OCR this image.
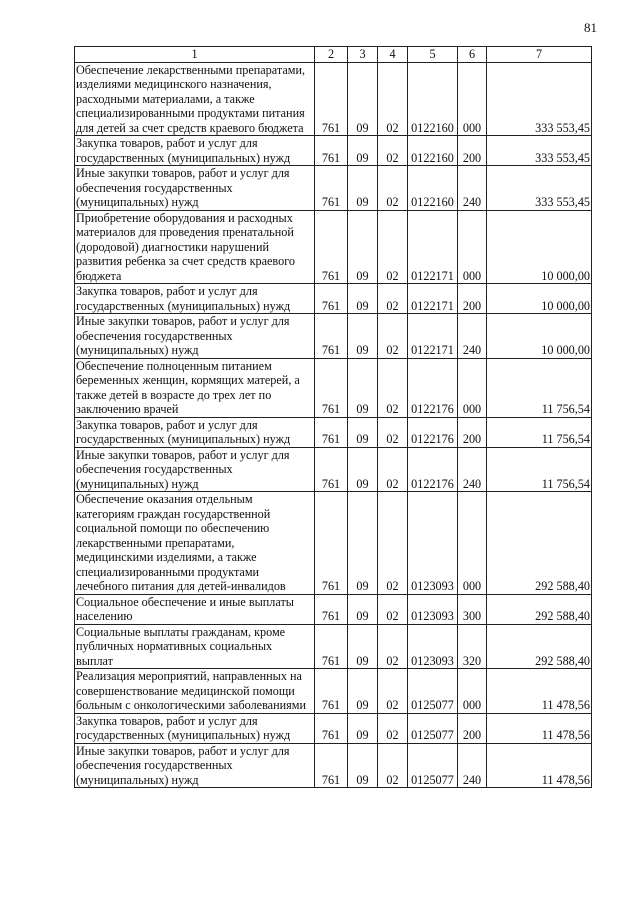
81
1	2	3	4	5	6	7
Обеспечение лекарственными препаратами, изделиями медицинского назначения, расходными материалами, а также специализированными продуктами питания для детей за счет средств краевого бюджета	761	09	02	0122160	000	333 553,45
Закупка товаров, работ и услуг для государственных (муниципальных) нужд	761	09	02	0122160	200	333 553,45
Иные закупки товаров, работ и услуг для обеспечения государственных (муниципальных) нужд	761	09	02	0122160	240	333 553,45
Приобретение оборудования и расходных материалов для проведения пренатальной (дородовой) диагностики нарушений развития ребенка за счет средств краевого бюджета	761	09	02	0122171	000	10 000,00
Закупка товаров, работ и услуг для государственных (муниципальных) нужд	761	09	02	0122171	200	10 000,00
Иные закупки товаров, работ и услуг для обеспечения государственных (муниципальных) нужд	761	09	02	0122171	240	10 000,00
Обеспечение полноценным питанием беременных женщин, кормящих матерей, а также детей в возрасте до трех лет по заключению врачей	761	09	02	0122176	000	11 756,54
Закупка товаров, работ и услуг для государственных (муниципальных) нужд	761	09	02	0122176	200	11 756,54
Иные закупки товаров, работ и услуг для обеспечения государственных (муниципальных) нужд	761	09	02	0122176	240	11 756,54
Обеспечение оказания отдельным категориям граждан государственной социальной помощи по обеспечению лекарственными препаратами, медицинскими изделиями, а также специализированными продуктами лечебного питания для детей-инвалидов	761	09	02	0123093	000	292 588,40
Социальное обеспечение и иные выплаты населению	761	09	02	0123093	300	292 588,40
Социальные выплаты гражданам, кроме публичных нормативных социальных выплат	761	09	02	0123093	320	292 588,40
Реализация мероприятий, направленных на совершенствование медицинской помощи больным с онкологическими заболеваниями	761	09	02	0125077	000	11 478,56
Закупка товаров, работ и услуг для государственных (муниципальных) нужд	761	09	02	0125077	200	11 478,56
Иные закупки товаров, работ и услуг для обеспечения государственных (муниципальных) нужд	761	09	02	0125077	240	11 478,56
